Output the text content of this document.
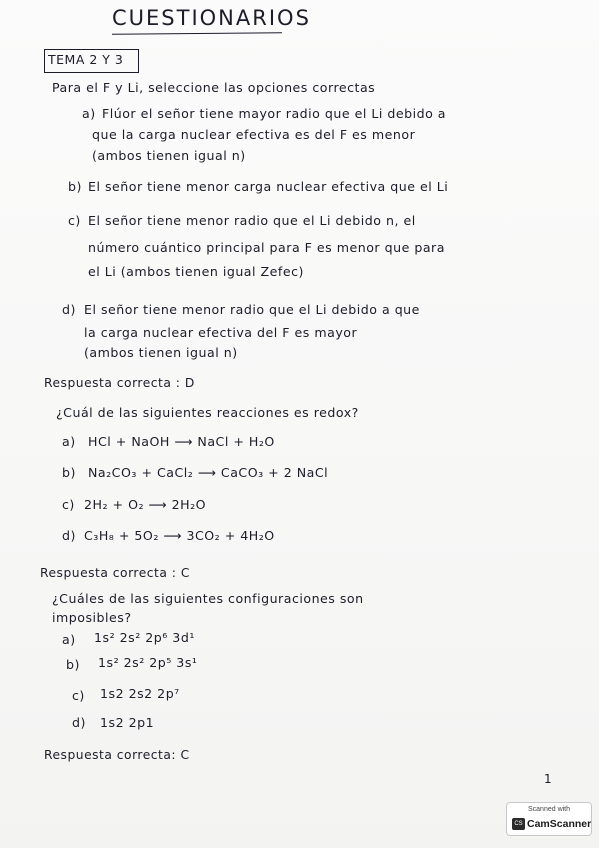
CUESTIONARIOS
TEMA 2 Y 3
Para el F y Li, seleccione las opciones correctas
a) Flúor el señor tiene mayor radio que el Li debido a
que la carga nuclear efectiva es del F es menor
(ambos tienen igual n)
b) El señor tiene menor carga nuclear efectiva que el Li
c) El señor tiene menor radio que el Li debido n, el
número cuántico principal para F es menor que para
el Li (ambos tienen igual Zefec)
d) El señor tiene menor radio que el Li debido a que
la carga nuclear efectiva del F es mayor
(ambos tienen igual n)
Respuesta correcta : D
¿Cuál de las siguientes reacciones es redox?
a) HCl + NaOH ⟶ NaCl + H₂O
b) Na₂CO₃ + CaCl₂ ⟶ CaCO₃ + 2 NaCl
c) 2H₂ + O₂ ⟶ 2H₂O
d) C₃H₈ + 5O₂ ⟶ 3CO₂ + 4H₂O
Respuesta correcta : C
¿Cuáles de las siguientes configuraciones son
imposibles?
a) 1s² 2s² 2p⁶ 3d¹
b) 1s² 2s² 2p⁵ 3s¹
c) 1s2 2s2 2p⁷
d) 1s2 2p1
Respuesta correcta: C
1
Scanned with
CS CamScanner
